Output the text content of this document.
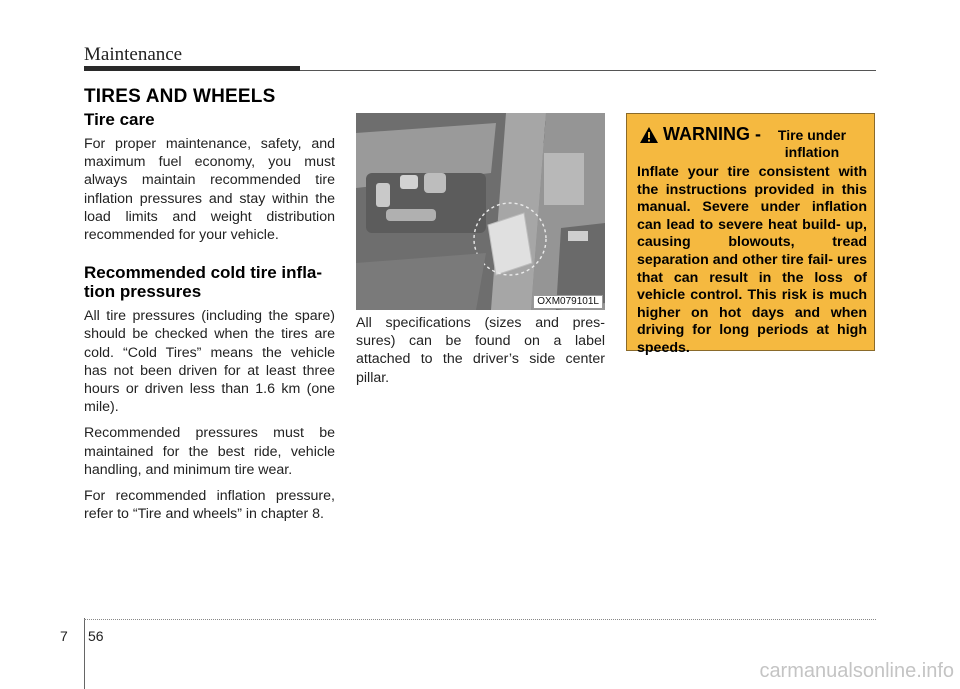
Maintenance
TIRES AND WHEELS
Tire care

For proper maintenance, safety, and maximum fuel economy, you must always maintain recommended tire inflation pressures and stay within the load limits and weight distribution recommended for your vehicle.

Recommended cold tire infla- tion pressures

All tire pressures (including the spare) should be checked when the tires are cold. “Cold Tires” means the vehicle has not been driven for at least three hours or driven less than 1.6 km (one mile).

Recommended pressures must be maintained for the best ride, vehicle handling, and minimum tire wear.

For recommended inflation pressure, refer to “Tire and wheels” in chapter 8.

OXM079101L

All specifications (sizes and pres- sures) can be found on a label attached to the driver’s side center pillar.

WARNING -	Tire under inflation
Inflate your tire consistent with the instructions provided in this manual. Severe under inflation can lead to severe heat build- up, causing blowouts, tread separation and other tire fail- ures that can result in the loss of vehicle control. This risk is much higher on hot days and when driving for long periods at high speeds.
7 56
carmanualsonline.info
